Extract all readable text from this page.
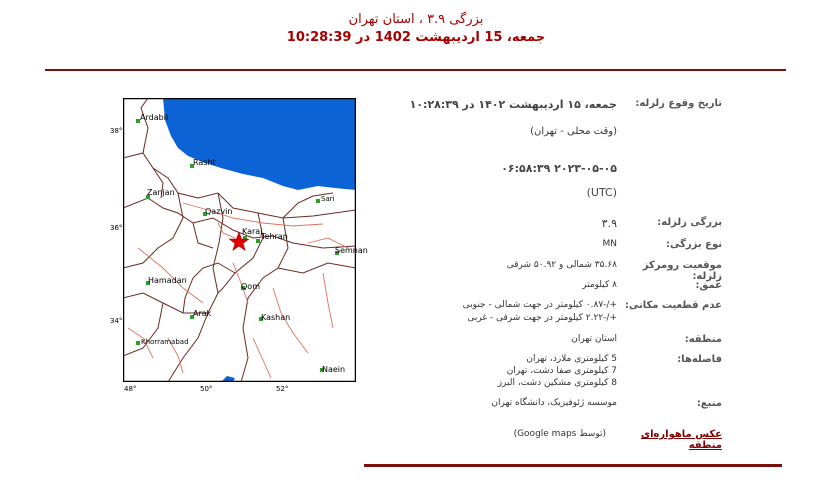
بزرگی ۳.۹ ، استان تهران
جمعه، 15 اردیبهشت 1402 در 10:28:39
Ardabil
Rasht
Zanjan
Sari
Qazvin
Karaj
Tehran
Semnan
Hamadan
Qom
Arak	Kashan
Khorramabad
Naein
38°
36°
34°
48°	50°	52°
تاریخ وقوع زلزله:
جمعه، ۱۵ اردیبهشت ۱۴۰۲ در ۱۰:۲۸:۳۹
(وقت محلی - تهران)
۲۰۲۳-۰۵-۰۵ ۰۶:۵۸:۳۹
(UTC)
بزرگی زلزله:
۳.۹
نوع بزرگی:
MN
موقعیت رومرکز زلزله:
۳۵.۶۸ شمالی و ۵۰.۹۲ شرقی
عمق:
۸ کیلومتر
عدم قطعیت مکانی:
+/-۰.۸۷ کیلومتر در جهت شمالی - جنوبی
+/-۲.۲۲ کیلومتر در جهت شرقی - غربی
منطقه:
استان تهران
فاصله‌ها:
5 کیلومتری ملارد، تهران
7 کیلومتری صفا دشت، تهران
8 کیلومتری مشکین دشت، البرز
منبع:
موسسه ژئوفیزیک، دانشگاه تهران
عکس ماهواره‌ای منطقه
(توسط Google maps)
